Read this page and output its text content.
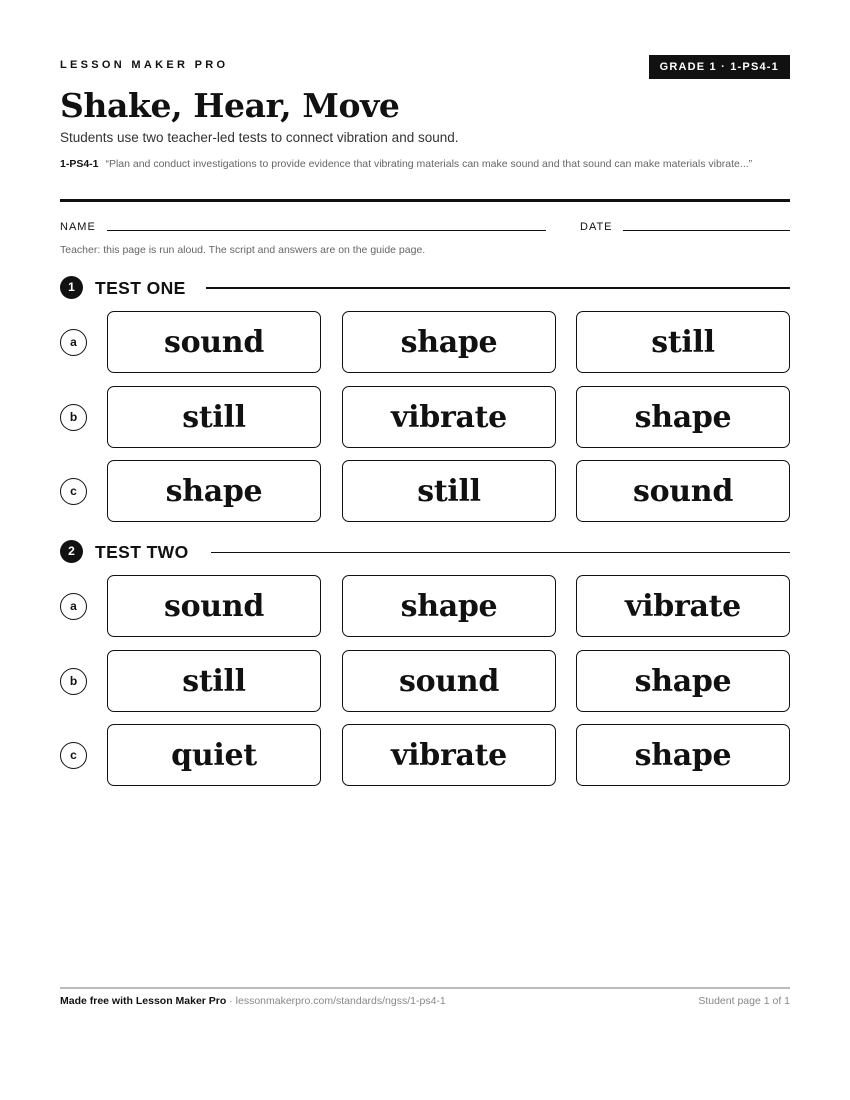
LESSON MAKER PRO	GRADE 1 · 1-PS4-1
Shake, Hear, Move
Students use two teacher-led tests to connect vibration and sound.
1-PS4-1 “Plan and conduct investigations to provide evidence that vibrating materials can make sound and that sound can make materials vibrate...”
NAME	DATE
Teacher: this page is run aloud. The script and answers are on the guide page.
1	TEST ONE
a	sound	shape	still
b	still	vibrate	shape
c	shape	still	sound
2	TEST TWO
a	sound	shape	vibrate
b	still	sound	shape
c	quiet	vibrate	shape
Made free with Lesson Maker Pro · lessonmakerpro.com/standards/ngss/1-ps4-1	Student page 1 of 1
